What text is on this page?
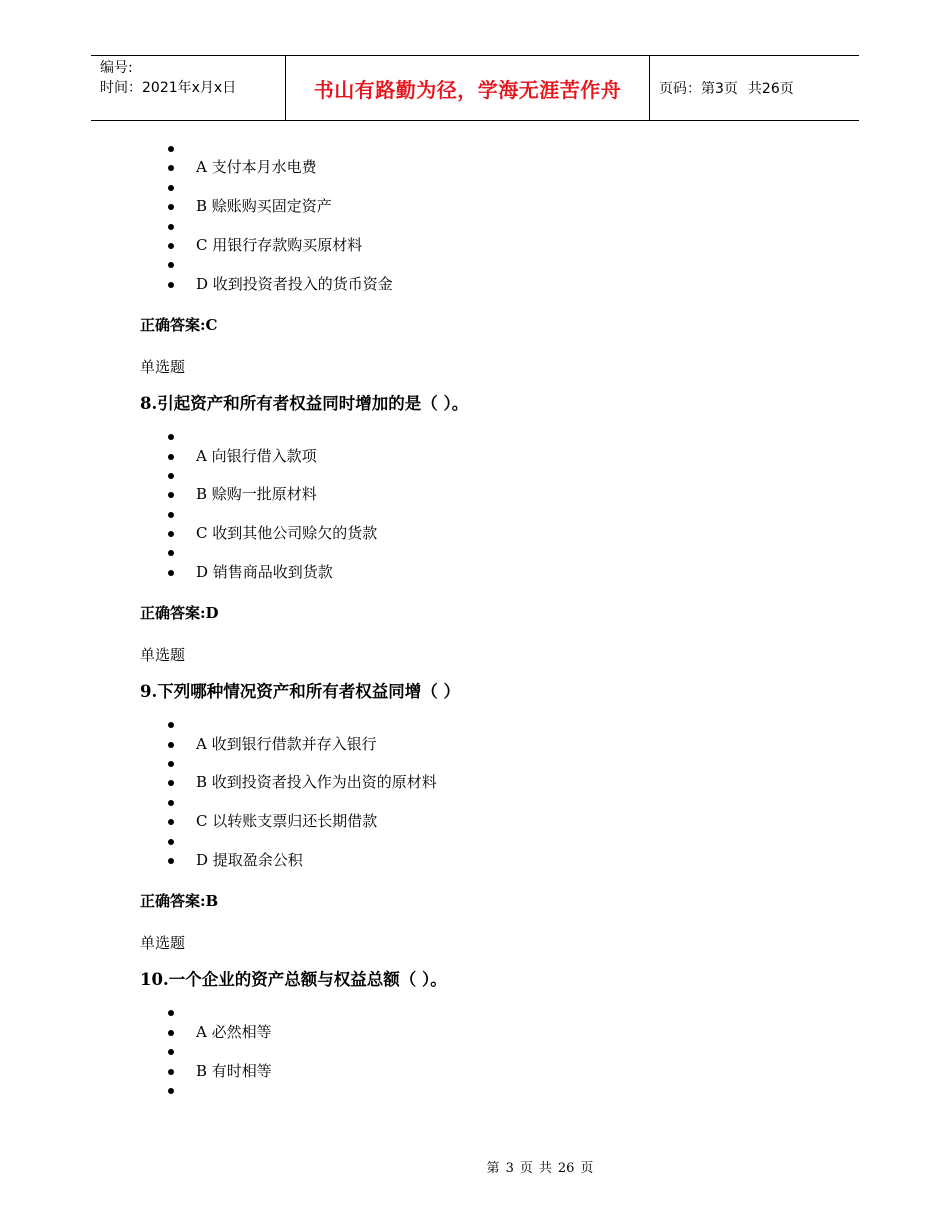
编号:
时间：2021年x月x日	书山有路勤为径，学海无涯苦作舟	页码：第3页 共26页
A 支付本月水电费
B 赊账购买固定资产
C 用银行存款购买原材料
D 收到投资者投入的货币资金
正确答案:C
单选题
8.引起资产和所有者权益同时增加的是（ ）。
A 向银行借入款项
B 赊购一批原材料
C 收到其他公司赊欠的货款
D 销售商品收到货款
正确答案:D
单选题
9.下列哪种情况资产和所有者权益同增（ ）
A 收到银行借款并存入银行
B 收到投资者投入作为出资的原材料
C 以转账支票归还长期借款
D 提取盈余公积
正确答案:B
单选题
10.一个企业的资产总额与权益总额（ ）。
A 必然相等
B 有时相等
第 3 页 共 26 页
